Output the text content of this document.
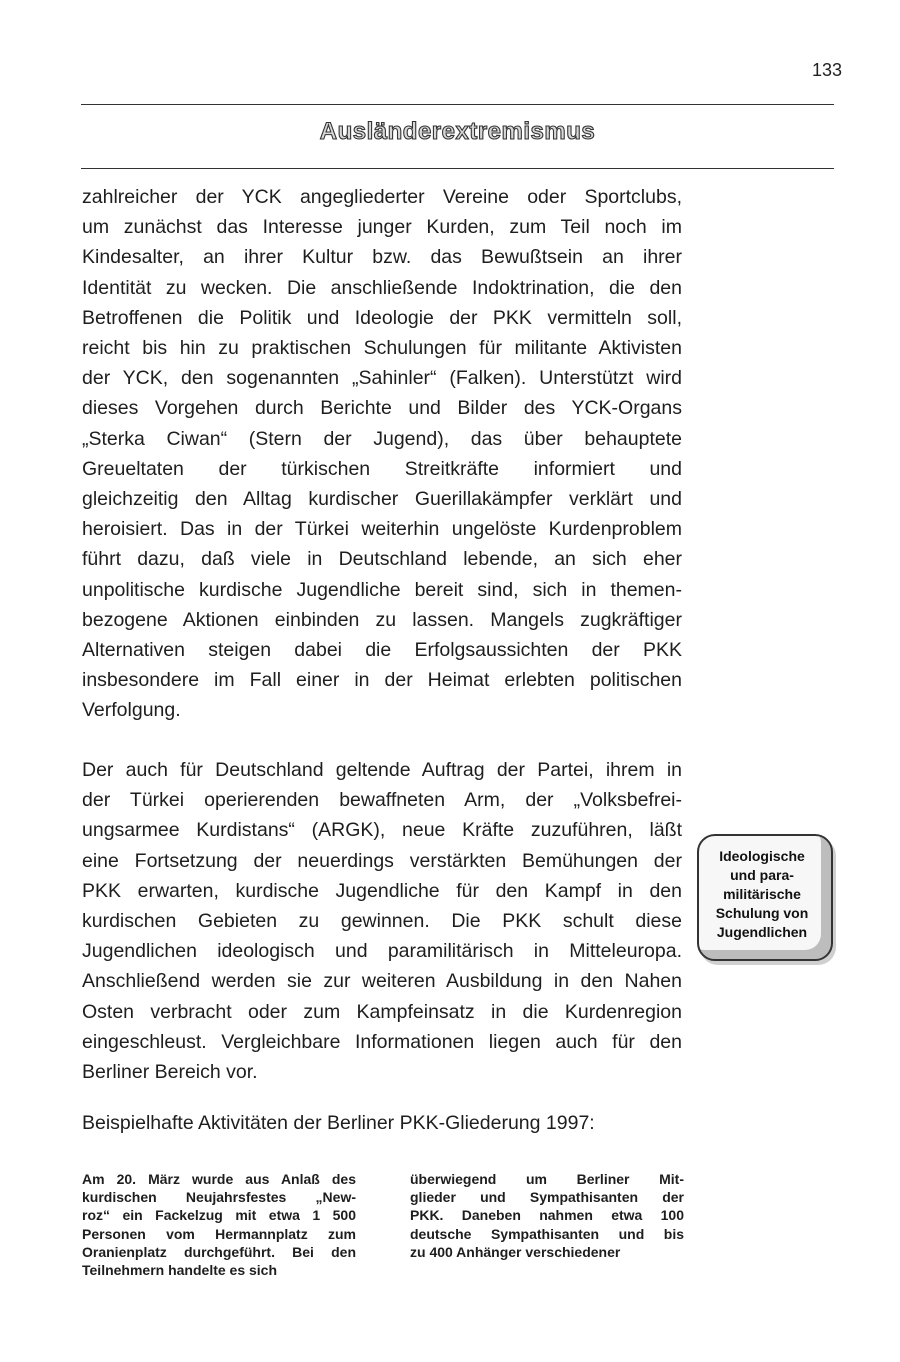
133
Ausländerextremismus

zahlreicher der YCK angegliederter Vereine oder Sportclubs,
um zunächst das Interesse junger Kurden, zum Teil noch im
Kindesalter, an ihrer Kultur bzw. das Bewußtsein an ihrer
Identität zu wecken. Die anschließende Indoktrination, die den
Betroffenen die Politik und Ideologie der PKK vermitteln soll,
reicht bis hin zu praktischen Schulungen für militante Aktivisten
der YCK, den sogenannten „Sahinler“ (Falken). Unterstützt wird
dieses Vorgehen durch Berichte und Bilder des YCK-Organs
„Sterka Ciwan“ (Stern der Jugend), das über behauptete
Greueltaten der türkischen Streitkräfte informiert und
gleichzeitig den Alltag kurdischer Guerillakämpfer verklärt und
heroisiert. Das in der Türkei weiterhin ungelöste Kurdenproblem
führt dazu, daß viele in Deutschland lebende, an sich eher
unpolitische kurdische Jugendliche bereit sind, sich in themen-
bezogene Aktionen einbinden zu lassen. Mangels zugkräftiger
Alternativen steigen dabei die Erfolgsaussichten der PKK
insbesondere im Fall einer in der Heimat erlebten politischen
Verfolgung.

Der auch für Deutschland geltende Auftrag der Partei, ihrem in
der Türkei operierenden bewaffneten Arm, der „Volksbefrei-
ungsarmee Kurdistans“ (ARGK), neue Kräfte zuzuführen, läßt
eine Fortsetzung der neuerdings verstärkten Bemühungen der
PKK erwarten, kurdische Jugendliche für den Kampf in den
kurdischen Gebieten zu gewinnen. Die PKK schult diese
Jugendlichen ideologisch und paramilitärisch in Mitteleuropa.
Anschließend werden sie zur weiteren Ausbildung in den Nahen
Osten verbracht oder zum Kampfeinsatz in die Kurdenregion
eingeschleust. Vergleichbare Informationen liegen auch für den
Berliner Bereich vor.

Ideologische
und para-
militärische
Schulung von
Jugendlichen

Beispielhafte Aktivitäten der Berliner PKK-Gliederung 1997:

Am 20. März wurde aus Anlaß des
kurdischen Neujahrsfestes „New-
roz“ ein Fackelzug mit etwa 1 500
Personen vom Hermannplatz zum
Oranienplatz durchgeführt. Bei den
Teilnehmern handelte es sich

überwiegend um Berliner Mit-
glieder und Sympathisanten der
PKK. Daneben nahmen etwa 100
deutsche Sympathisanten und bis
zu 400 Anhänger verschiedener
